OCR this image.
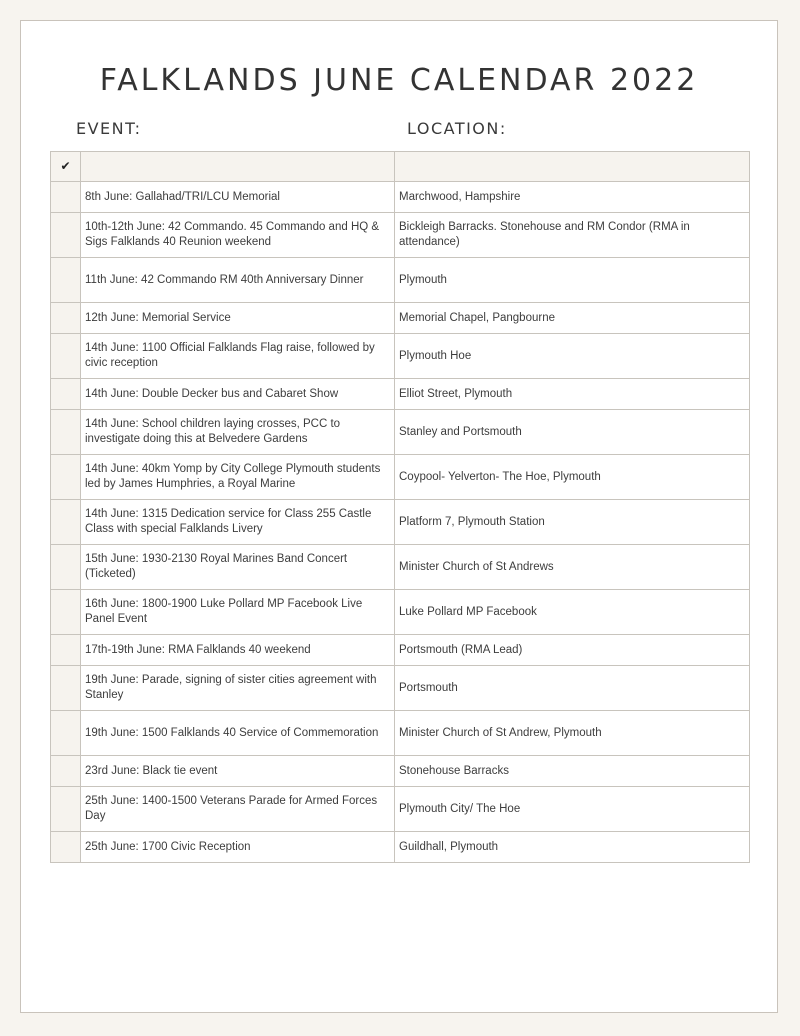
FALKLANDS JUNE CALENDAR 2022
EVENT:	LOCATION:
✔		
	8th June: Gallahad/TRI/LCU Memorial	Marchwood, Hampshire
	10th-12th June: 42 Commando. 45 Commando and HQ & Sigs Falklands 40 Reunion weekend	Bickleigh Barracks. Stonehouse and RM Condor (RMA in attendance)
	11th June: 42 Commando RM 40th Anniversary Dinner	Plymouth
	12th June: Memorial Service	Memorial Chapel, Pangbourne
	14th June: 1100 Official Falklands Flag raise, followed by civic reception	Plymouth Hoe
	14th June: Double Decker bus and Cabaret Show	Elliot Street, Plymouth
	14th June: School children laying crosses, PCC to investigate doing this at Belvedere Gardens	Stanley and Portsmouth
	14th June: 40km Yomp by City College Plymouth students led by James Humphries, a Royal Marine	Coypool- Yelverton- The Hoe, Plymouth
	14th June: 1315 Dedication service for Class 255 Castle Class with special Falklands Livery	Platform 7, Plymouth Station
	15th June: 1930-2130 Royal Marines Band Concert (Ticketed)	Minister Church of St Andrews
	16th June: 1800-1900 Luke Pollard MP Facebook Live Panel Event	Luke Pollard MP Facebook
	17th-19th June: RMA Falklands 40 weekend	Portsmouth (RMA Lead)
	19th June: Parade, signing of sister cities agreement with Stanley	Portsmouth
	19th June: 1500 Falklands 40 Service of Commemoration	Minister Church of St Andrew, Plymouth
	23rd June: Black tie event	Stonehouse Barracks
	25th June: 1400-1500 Veterans Parade for Armed Forces Day	Plymouth City/ The Hoe
	25th June: 1700 Civic Reception	Guildhall, Plymouth
